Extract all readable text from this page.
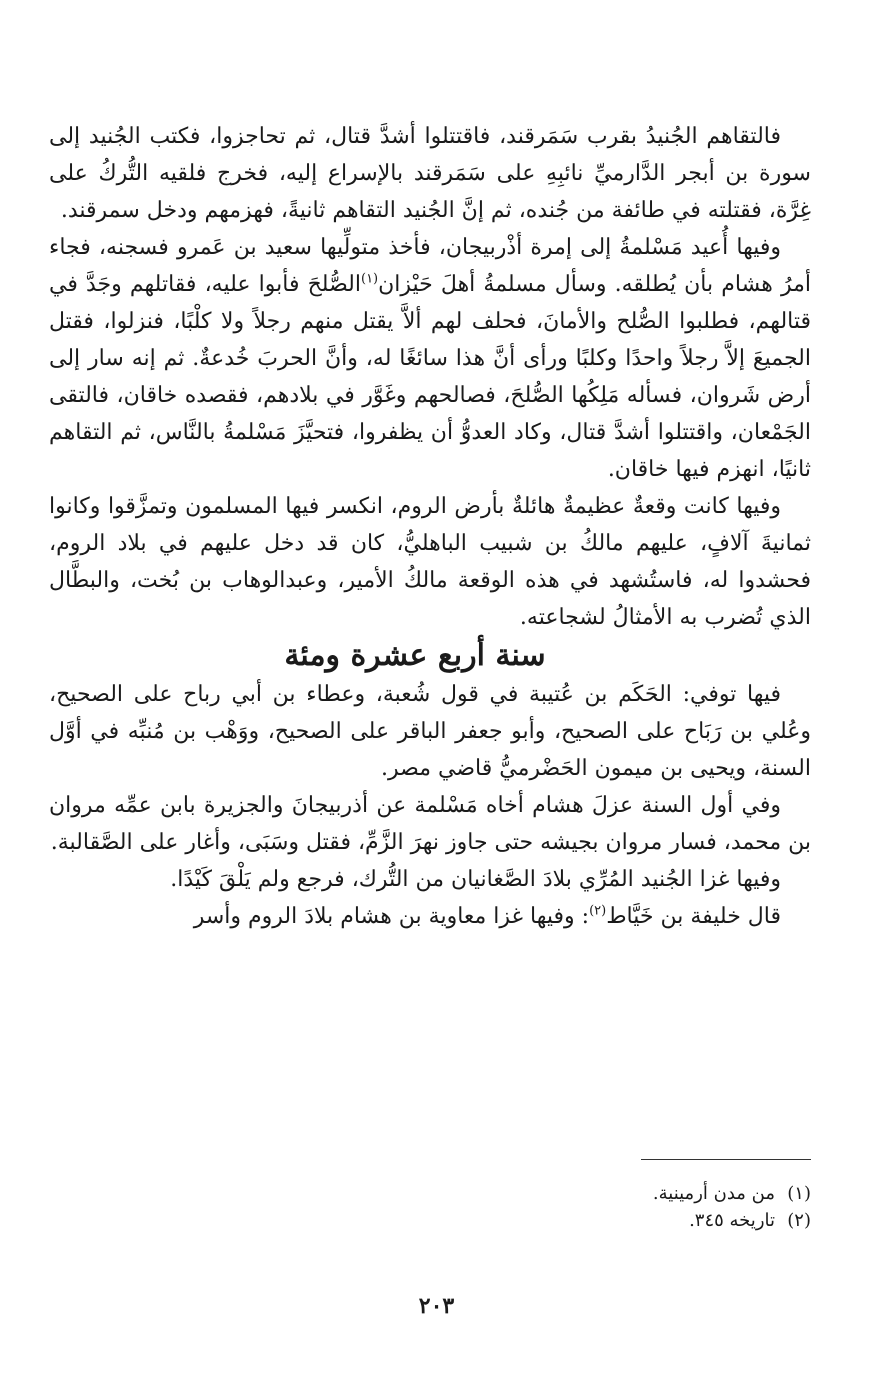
فالتقاهم الجُنيدُ بقرب سَمَرقند، فاقتتلوا أشدَّ قتال، ثم تحاجزوا، فكتب الجُنيد إلى سورة بن أبجر الدَّارميِّ نائبِهِ على سَمَرقند بالإسراع إليه، فخرج فلقيه التُّركُ على غِرَّة، فقتلته في طائفة من جُنده، ثم إنَّ الجُنيد التقاهم ثانيةً، فهزمهم ودخل سمرقند.

وفيها أُعيد مَسْلمةُ إلى إمرة أذْربيجان، فأخذ متولِّيها سعيد بن عَمرو فسجنه، فجاء أمرُ هشام بأن يُطلقه. وسأل مسلمةُ أهلَ حَيْزان$^{(١)}$الصُّلحَ فأبوا عليه، فقاتلهم وجَدَّ في قتالهم، فطلبوا الصُّلح والأمانَ، فحلف لهم ألاَّ يقتل منهم رجلاً ولا كلْبًا، فنزلوا، فقتل الجميعَ إلاَّ رجلاً واحدًا وكلبًا ورأى أنَّ هذا سائغًا له، وأنَّ الحربَ خُدعةٌ. ثم إنه سار إلى أرض شَروان، فسأله مَلِكُها الصُّلحَ، فصالحهم وغَوَّر في بلادهم، فقصده خاقان، فالتقى الجَمْعان، واقتتلوا أشدَّ قتال، وكاد العدوُّ أن يظفروا، فتحيَّزَ مَسْلمةُ بالنَّاس، ثم التقاهم ثانيًا، انهزم فيها خاقان.

وفيها كانت وقعةٌ عظيمةٌ هائلةٌ بأرض الروم، انكسر فيها المسلمون وتمزَّقوا وكانوا ثمانيةَ آلافٍ، عليهم مالكُ بن شبيب الباهليُّ، كان قد دخل عليهم في بلاد الروم، فحشدوا له، فاستُشهد في هذه الوقعة مالكُ الأمير، وعبدالوهاب بن بُخت، والبطَّال الذي تُضرب به الأمثالُ لشجاعته.

سنة أربع عشرة ومئة

فيها توفي: الحَكَم بن عُتيبة في قول شُعبة، وعطاء بن أبي رباح على الصحيح، وعُلي بن رَبَاح على الصحيح، وأبو جعفر الباقر على الصحيح، ووَهْب بن مُنبِّه في أوَّل السنة، ويحيى بن ميمون الحَضْرميُّ قاضي مصر.

وفي أول السنة عزلَ هشام أخاه مَسْلمة عن أذربيجانَ والجزيرة بابن عمِّه مروان بن محمد، فسار مروان بجيشه حتى جاوز نهرَ الزَّمِّ، فقتل وسَبَى، وأغار على الصَّقالبة.

وفيها غزا الجُنيد المُرِّي بلادَ الصَّغانيان من التُّرك، فرجع ولم يَلْقَ كَيْدًا.

قال خليفة بن خَيَّاط$^{(٢)}$: وفيها غزا معاوية بن هشام بلادَ الروم وأسر

(١)من مدن أرمينية.
(٢)تاريخه ٣٤٥.
٢٠٣
